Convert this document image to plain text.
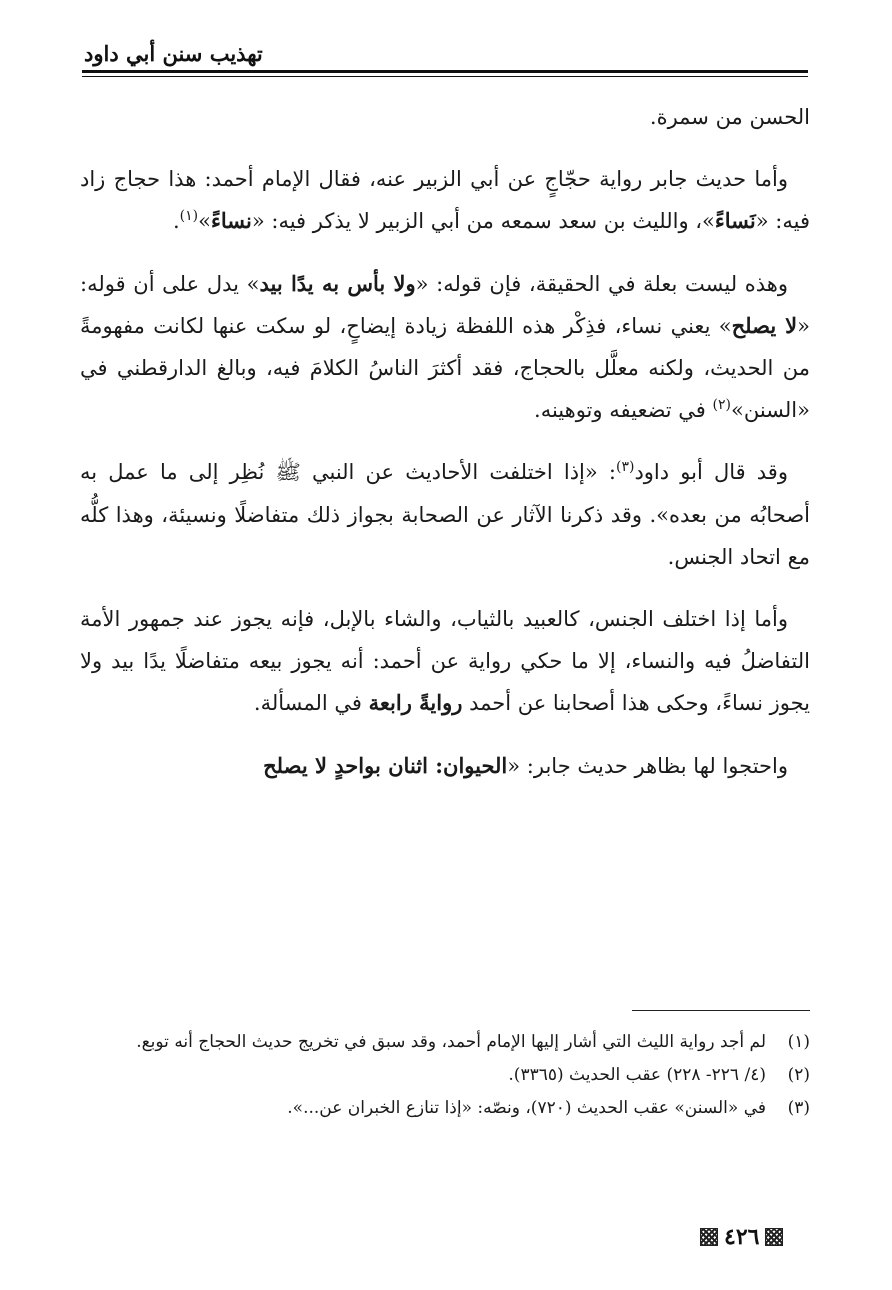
تهذيب سنن أبي داود

الحسن من سمرة.

وأما حديث جابر رواية حجّاجٍ عن أبي الزبير عنه، فقال الإمام أحمد: هذا حجاج زاد فيه: «نَساءً»، والليث بن سعد سمعه من أبي الزبير لا يذكر فيه: «نساءً»$^{(١)}$.

وهذه ليست بعلة في الحقيقة، فإن قوله: «ولا بأس به يدًا بيد» يدل على أن قوله: «لا يصلح» يعني نساء، فذِكْر هذه اللفظة زيادة إيضاحٍ، لو سكت عنها لكانت مفهومةً من الحديث، ولكنه معلَّل بالحجاج، فقد أكثرَ الناسُ الكلامَ فيه، وبالغ الدارقطني في «السنن»$^{(٢)}$ في تضعيفه وتوهينه.

وقد قال أبو داود$^{(٣)}$: «إذا اختلفت الأحاديث عن النبي ﷺ نُظِر إلى ما عمل به أصحابُه من بعده». وقد ذكرنا الآثار عن الصحابة بجواز ذلك متفاضلًا ونسيئة، وهذا كلُّه مع اتحاد الجنس.

وأما إذا اختلف الجنس، كالعبيد بالثياب، والشاء بالإبل، فإنه يجوز عند جمهور الأمة التفاضلُ فيه والنساء، إلا ما حكي رواية عن أحمد: أنه يجوز بيعه متفاضلًا يدًا بيد ولا يجوز نساءً، وحكى هذا أصحابنا عن أحمد روايةً رابعة في المسألة.

واحتجوا لها بظاهر حديث جابر: «الحيوان: اثنان بواحدٍ لا يصلح

(١)
لم أجد رواية الليث التي أشار إليها الإمام أحمد، وقد سبق في تخريج حديث الحجاج أنه توبع.
(٢)
(٤/ ٢٢٦- ٢٢٨) عقب الحديث (٣٣٦٥).
(٣)
في «السنن» عقب الحديث (٧٢٠)، ونصّه: «إذا تنازع الخبران عن...».
٤٢٦
